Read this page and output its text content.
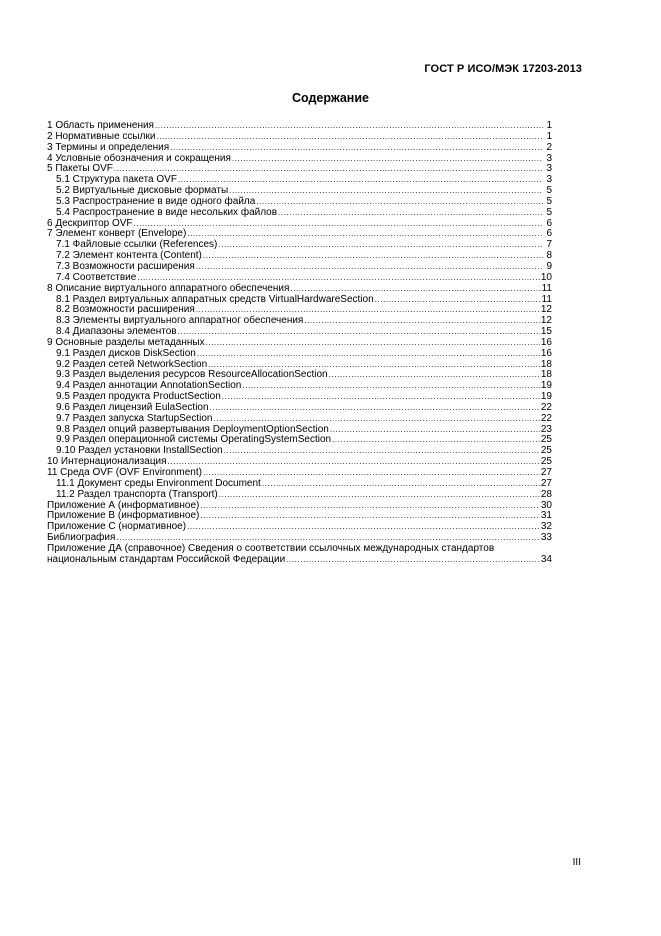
ГОСТ Р ИСО/МЭК 17203-2013
Содержание
1 Область применения .....	1
2 Нормативные ссылки .....	1
3 Термины и определения .....	2
4 Условные обозначения и сокращения .....	3
5 Пакеты OVF .....	3
5.1 Структура пакета OVF .....	3
5.2 Виртуальные дисковые форматы .....	5
5.3 Распространение в виде одного файла .....	5
5.4 Распространение в виде несольких файлов .....	5
6 Дескриптор OVF .....	6
7 Элемент конверт (Envelope) .....	6
7.1 Файловые ссылки (References) .....	7
7.2 Элемент контента (Content) .....	8
7.3 Возможности расширения .....	9
7.4 Соответствие .....	10
8 Описание виртуального аппаратного обеспечения .....	11
8.1 Раздел виртуальных аппаратных средств VirtualHardwareSection .....	11
8.2 Возможности расширения .....	12
8.3 Элементы виртуального аппаратног обеспечения .....	12
8.4 Диапазоны элементов .....	15
9 Основные разделы метаданных .....	16
9.1 Раздел дисков DiskSection .....	16
9.2 Раздел сетей NetworkSection .....	18
9.3 Раздел выделения ресурсов ResourceAllocationSection .....	18
9.4 Раздел аннотации AnnotationSection .....	19
9.5 Раздел продукта ProductSection .....	19
9.6 Раздел лицензий EulaSection .....	22
9.7 Раздел запуска StartupSection .....	22
9.8 Раздел опций развертывания DeploymentOptionSection .....	23
9.9 Раздел операционной системы OperatingSystemSection .....	25
9.10 Раздел установки InstallSection .....	25
10 Интернационализация .....	25
11 Среда OVF (OVF Environment) .....	27
11.1 Документ среды Environment Document .....	27
11.2 Раздел транспорта (Transport) .....	28
Приложение А (информативное) .....	30
Приложение В (информативное) .....	31
Приложение С (нормативное) .....	32
Библиография .....	33
Приложение ДА (справочное) Сведения о соответствии ссылочных международных стандартов
национальным стандартам Российской Федерации .....	34
III
